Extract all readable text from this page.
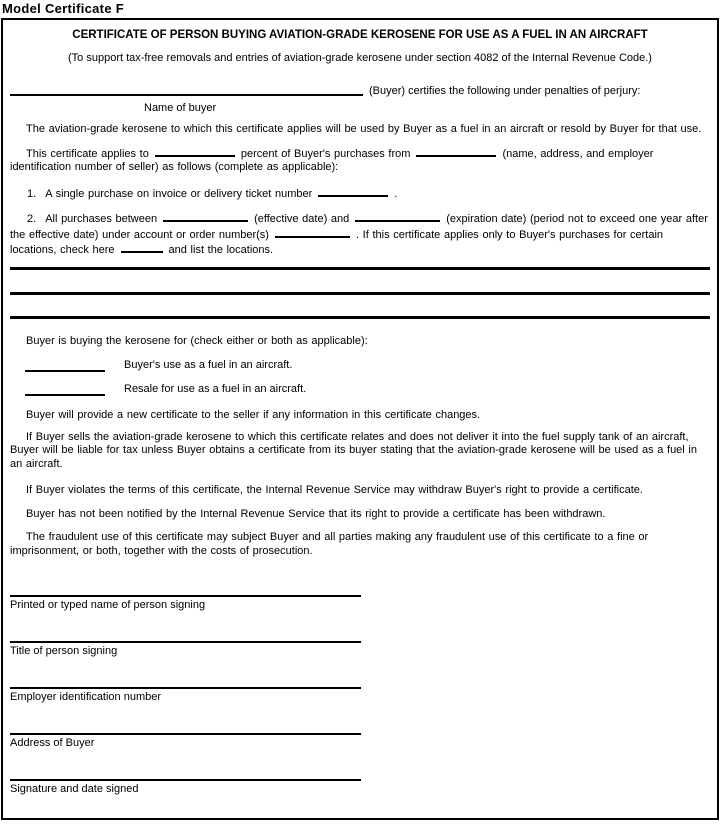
Model Certificate F
CERTIFICATE OF PERSON BUYING AVIATION-GRADE KEROSENE FOR USE AS A FUEL IN AN AIRCRAFT
(To support tax-free removals and entries of aviation-grade kerosene under section 4082 of the Internal Revenue Code.)
Name of buyer
(Buyer) certifies the following under penalties of perjury:
The aviation-grade kerosene to which this certificate applies will be used by Buyer as a fuel in an aircraft or resold by Buyer for that use.
This certificate applies to	percent of Buyer's purchases from	(name, address, and employer identification number of seller) as follows (complete as applicable):
1. A single purchase on invoice or delivery ticket number	.
2. All purchases between	(effective date) and	(expiration date) (period not to exceed one year after the effective date) under account or order number(s)	. If this certificate applies only to Buyer's purchases for certain locations, check here	and list the locations.
Buyer is buying the kerosene for (check either or both as applicable):
Buyer's use as a fuel in an aircraft.
Resale for use as a fuel in an aircraft.
Buyer will provide a new certificate to the seller if any information in this certificate changes.
If Buyer sells the aviation-grade kerosene to which this certificate relates and does not deliver it into the fuel supply tank of an aircraft, Buyer will be liable for tax unless Buyer obtains a certificate from its buyer stating that the aviation-grade kerosene will be used as a fuel in an aircraft.
If Buyer violates the terms of this certificate, the Internal Revenue Service may withdraw Buyer's right to provide a certificate.
Buyer has not been notified by the Internal Revenue Service that its right to provide a certificate has been withdrawn.
The fraudulent use of this certificate may subject Buyer and all parties making any fraudulent use of this certificate to a fine or imprisonment, or both, together with the costs of prosecution.
Printed or typed name of person signing
Title of person signing
Employer identification number
Address of Buyer
Signature and date signed
